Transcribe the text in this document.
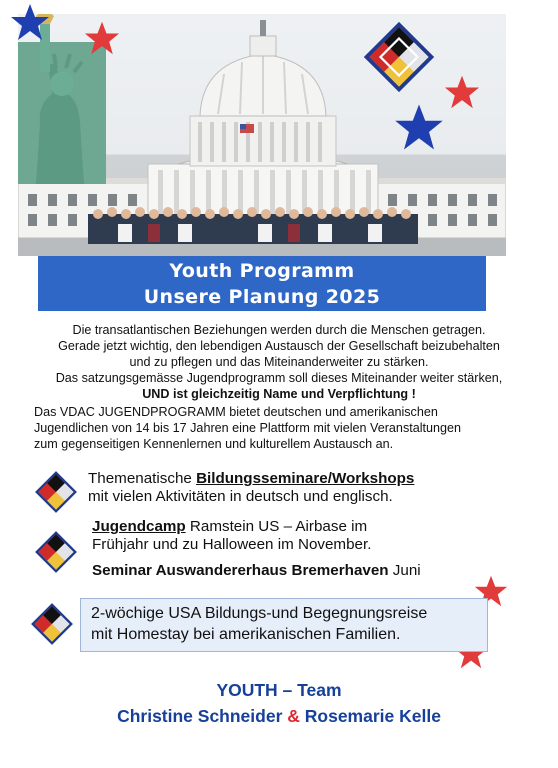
Youth Programm
Unsere Planung 2025

Die transatlantischen Beziehungen werden durch die Menschen getragen.

Gerade jetzt wichtig, den lebendigen Austausch der Gesellschaft beizubehalten

und zu pflegen und das Miteinanderweiter zu stärken.

Das satzungsgemässe Jugendprogramm soll dieses Miteinander weiter stärken,

UND ist gleichzeitig Name und Verpflichtung !

Das VDAC JUGENDPROGRAMM bietet deutschen und amerikanischen

Jugendlichen von 14 bis 17 Jahren eine Plattform mit vielen Veranstaltungen

zum gegenseitigen Kennenlernen und kulturellem Austausch an.

Themenatische Bildungsseminare/Workshops

mit vielen Aktivitäten in deutsch und englisch.

Jugendcamp Ramstein US – Airbase im

Frühjahr und zu Halloween im November.

Seminar Auswandererhaus Bremerhaven Juni

2-wöchige USA Bildungs-und Begegnungsreise

mit Homestay bei amerikanischen Familien.

YOUTH – Team
Christine Schneider & Rosemarie Kelle
